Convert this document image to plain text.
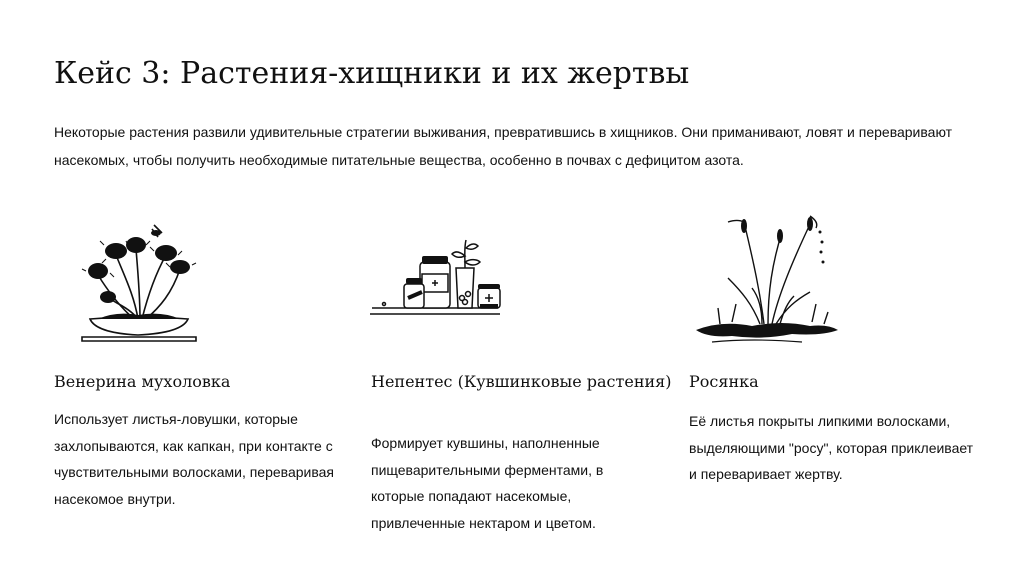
Кейс 3: Растения-хищники и их жертвы

Некоторые растения развили удивительные стратегии выживания, превратившись в хищников. Они приманивают, ловят и переваривают насекомых, чтобы получить необходимые питательные вещества, особенно в почвах с дефицитом азота.

Венерина мухоловка	Непентес (Кувшинковые растения) Росянка

Использует листья-ловушки, которые захлопываются, как капкан, при контакте с чувствительными волосками, переваривая насекомое внутри.

Формирует кувшины, наполненные пищеварительными ферментами, в которые попадают насекомые, привлеченные нектаром и цветом.

Её листья покрыты липкими волосками, выделяющими "росу", которая приклеивает и переваривает жертву.
